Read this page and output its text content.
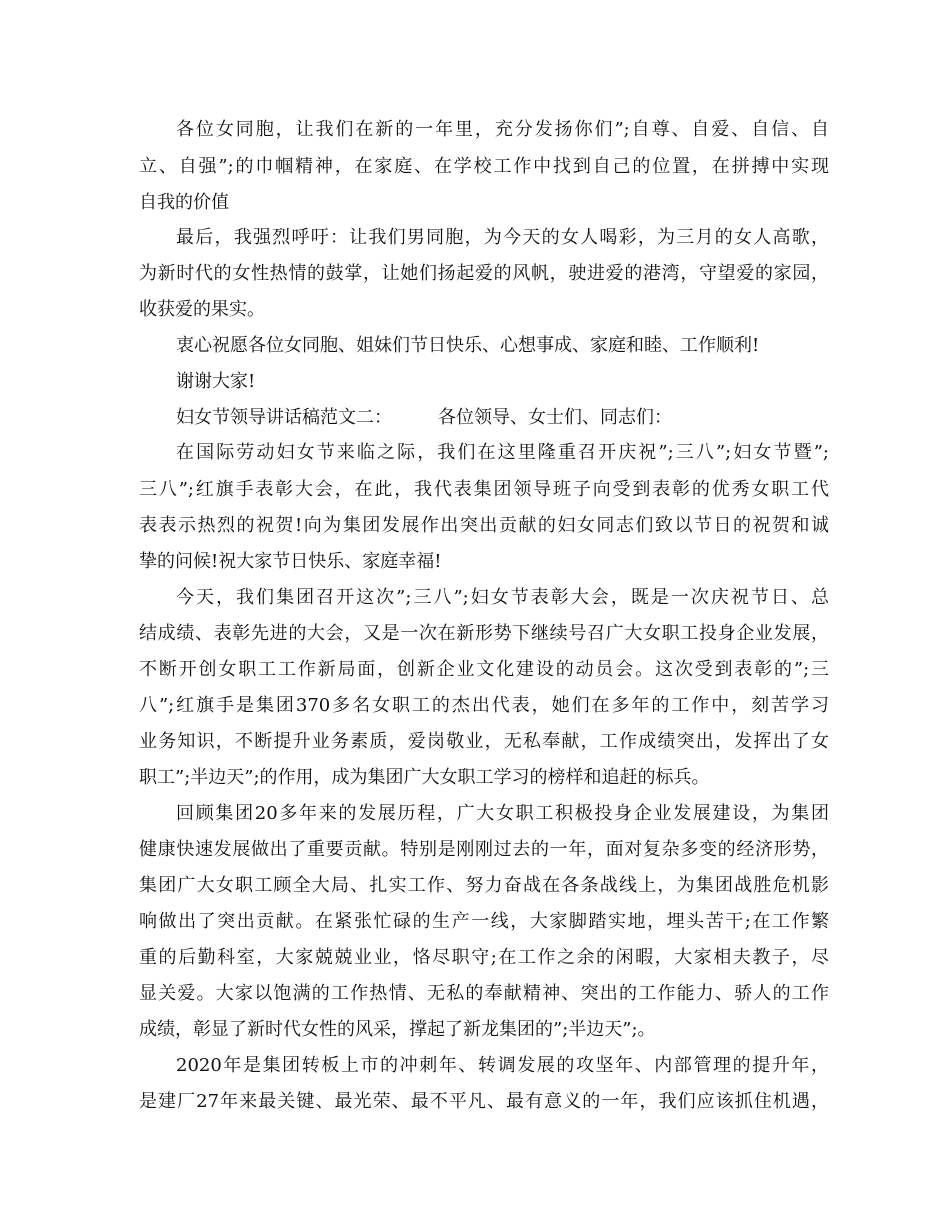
各位女同胞，让我们在新的一年里，充分发扬你们”;自尊、自爱、自信、自
立、自强”;的巾帼精神，在家庭、在学校工作中找到自己的位置，在拼搏中实现
自我的价值
最后，我强烈呼吁：让我们男同胞，为今天的女人喝彩，为三月的女人高歌，
为新时代的女性热情的鼓掌，让她们扬起爱的风帆，驶进爱的港湾，守望爱的家园，
收获爱的果实。
衷心祝愿各位女同胞、姐妹们节日快乐、心想事成、家庭和睦、工作顺利!
谢谢大家!
妇女节领导讲话稿范文二：	各位领导、女士们、同志们：
在国际劳动妇女节来临之际，我们在这里隆重召开庆祝”;三八”;妇女节暨”;
三八”;红旗手表彰大会，在此，我代表集团领导班子向受到表彰的优秀女职工代
表表示热烈的祝贺!向为集团发展作出突出贡献的妇女同志们致以节日的祝贺和诚
挚的问候!祝大家节日快乐、家庭幸福!
今天，我们集团召开这次”;三八”;妇女节表彰大会，既是一次庆祝节日、总
结成绩、表彰先进的大会，又是一次在新形势下继续号召广大女职工投身企业发展，
不断开创女职工工作新局面，创新企业文化建设的动员会。这次受到表彰的”;三
八”;红旗手是集团370多名女职工的杰出代表，她们在多年的工作中，刻苦学习
业务知识，不断提升业务素质，爱岗敬业，无私奉献，工作成绩突出，发挥出了女
职工”;半边天”;的作用，成为集团广大女职工学习的榜样和追赶的标兵。
回顾集团20多年来的发展历程，广大女职工积极投身企业发展建设，为集团
健康快速发展做出了重要贡献。特别是刚刚过去的一年，面对复杂多变的经济形势，
集团广大女职工顾全大局、扎实工作、努力奋战在各条战线上，为集团战胜危机影
响做出了突出贡献。在紧张忙碌的生产一线，大家脚踏实地，埋头苦干;在工作繁
重的后勤科室，大家兢兢业业，恪尽职守;在工作之余的闲暇，大家相夫教子，尽
显关爱。大家以饱满的工作热情、无私的奉献精神、突出的工作能力、骄人的工作
成绩，彰显了新时代女性的风采，撑起了新龙集团的”;半边天”;。
2020年是集团转板上市的冲刺年、转调发展的攻坚年、内部管理的提升年，
是建厂27年来最关键、最光荣、最不平凡、最有意义的一年，我们应该抓住机遇，
